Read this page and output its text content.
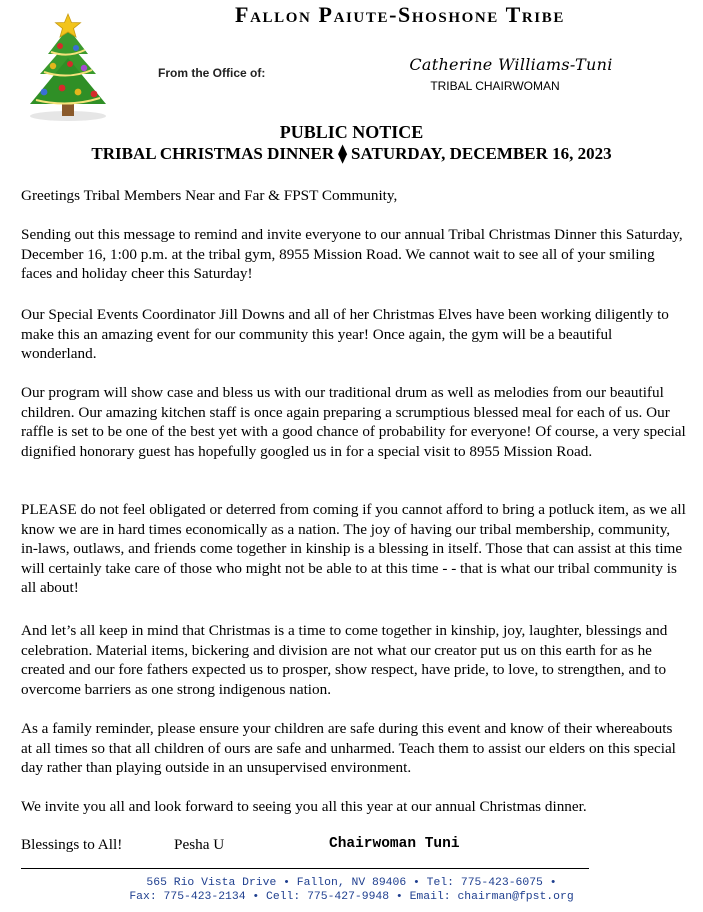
Fallon Paiute-Shoshone Tribe
From the Office of:	Catherine Williams-Tuni
TRIBAL CHAIRWOMAN
PUBLIC NOTICE
TRIBAL CHRISTMAS DINNER ⧫ SATURDAY, DECEMBER 16, 2023

Greetings Tribal Members Near and Far & FPST Community,

Sending out this message to remind and invite everyone to our annual Tribal Christmas Dinner this Saturday, December 16, 1:00 p.m. at the tribal gym, 8955 Mission Road. We cannot wait to see all of your smiling faces and holiday cheer this Saturday!

Our Special Events Coordinator Jill Downs and all of her Christmas Elves have been working diligently to make this an amazing event for our community this year! Once again, the gym will be a beautiful wonderland.

Our program will show case and bless us with our traditional drum as well as melodies from our beautiful children. Our amazing kitchen staff is once again preparing a scrumptious blessed meal for each of us. Our raffle is set to be one of the best yet with a good chance of probability for everyone! Of course, a very special dignified honorary guest has hopefully googled us in for a special visit to 8955 Mission Road.

PLEASE do not feel obligated or deterred from coming if you cannot afford to bring a potluck item, as we all know we are in hard times economically as a nation. The joy of having our tribal membership, community, in-laws, outlaws, and friends come together in kinship is a blessing in itself. Those that can assist at this time will certainly take care of those who might not be able to at this time - - that is what our tribal community is all about!

And let’s all keep in mind that Christmas is a time to come together in kinship, joy, laughter, blessings and celebration. Material items, bickering and division are not what our creator put us on this earth for as he created and our fore fathers expected us to prosper, show respect, have pride, to love, to strengthen, and to overcome barriers as one strong indigenous nation.

As a family reminder, please ensure your children are safe during this event and know of their whereabouts at all times so that all children of ours are safe and unharmed. Teach them to assist our elders on this special day rather than playing outside in an unsupervised environment.

We invite you all and look forward to seeing you all this year at our annual Christmas dinner.

Blessings to All!	Pesha U	Chairwoman Tuni
565 Rio Vista Drive • Fallon, NV 89406 • Tel: 775-423-6075 •
Fax: 775-423-2134 • Cell: 775-427-9948 • Email: chairman@fpst.org
